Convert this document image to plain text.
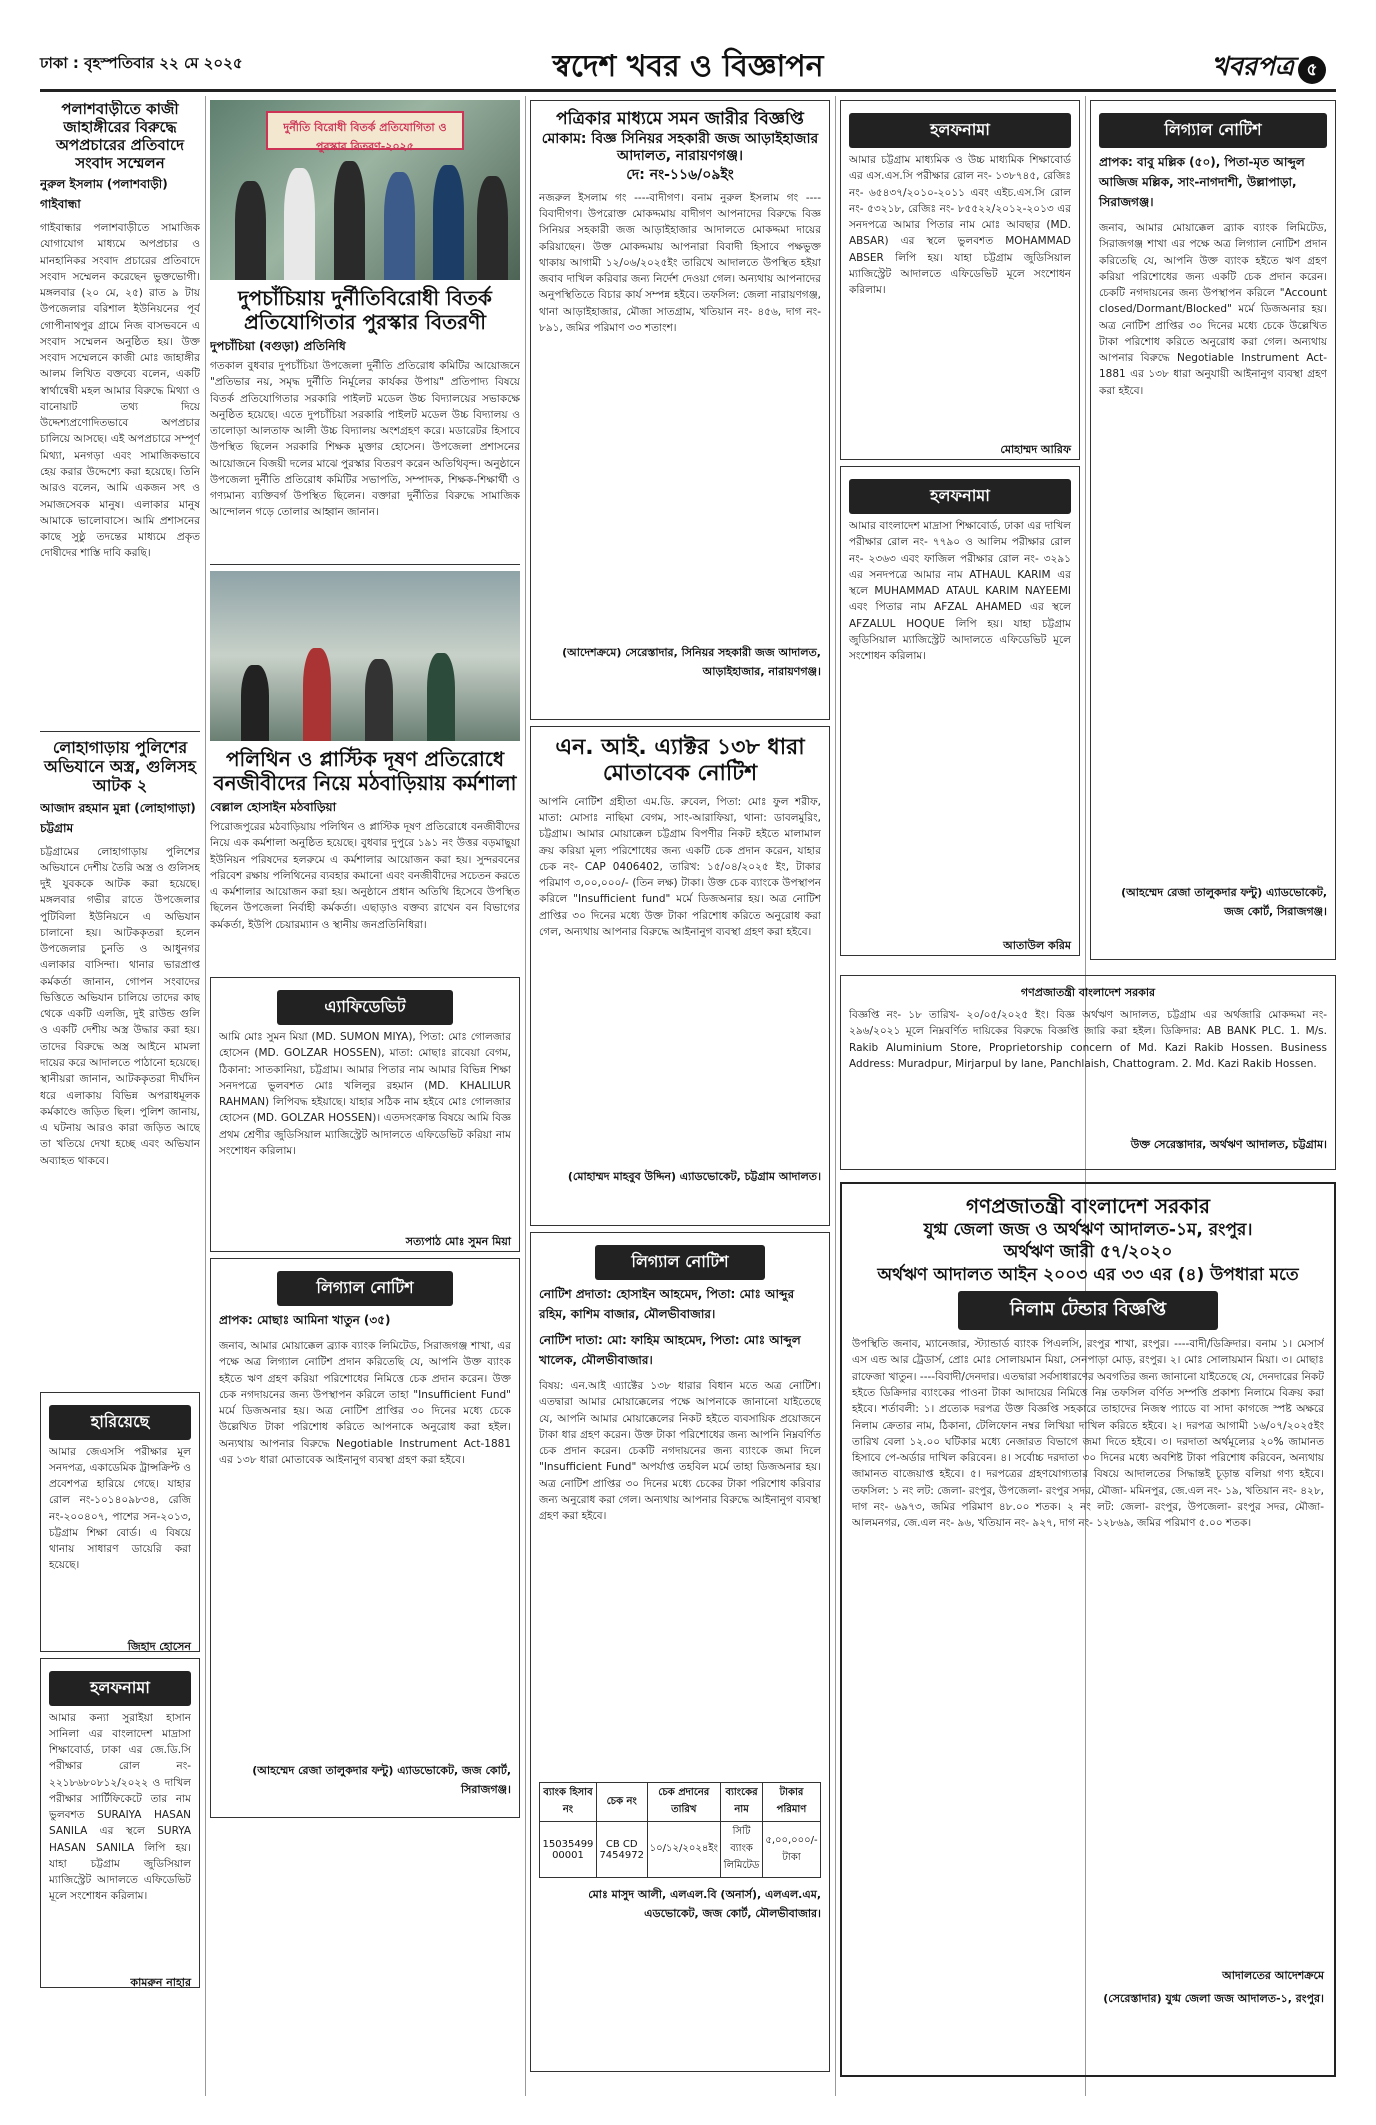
ঢাকা : বৃহস্পতিবার ২২ মে ২০২৫	স্বদেশ খবর ও বিজ্ঞাপন	খবরপত্র ৫
পলাশবাড়ীতে কাজী জাহাঙ্গীরের বিরুদ্ধে অপপ্রচারের প্রতিবাদে সংবাদ সম্মেলন
নুরুল ইসলাম (পলাশবাড়ী) গাইবান্ধা
গাইবান্ধার পলাশবাড়ীতে সামাজিক যোগাযোগ মাধ্যমে অপপ্রচার ও মানহানিকর সংবাদ প্রচারের প্রতিবাদে সংবাদ সম্মেলন করেছেন ভুক্তভোগী। মঙ্গলবার (২০ মে, ২৫) রাত ৯ টায় উপজেলার বরিশাল ইউনিয়নের পূর্ব গোপীনাথপুর গ্রামে নিজ বাসভবনে এ সংবাদ সম্মেলন অনুষ্ঠিত হয়। উক্ত সংবাদ সম্মেলনে কাজী মোঃ জাহাঙ্গীর আলম লিখিত বক্তব্যে বলেন, একটি স্বার্থান্বেষী মহল আমার বিরুদ্ধে মিথ্যা ও বানোয়াট তথ্য দিয়ে উদ্দেশ্যপ্রণোদিতভাবে অপপ্রচার চালিয়ে আসছে। এই অপপ্রচারে সম্পূর্ণ মিথ্যা, মনগড়া এবং সামাজিকভাবে হেয় করার উদ্দেশ্যে করা হয়েছে। তিনি আরও বলেন, আমি একজন সৎ ও সমাজসেবক মানুষ। এলাকার মানুষ আমাকে ভালোবাসে। আমি প্রশাসনের কাছে সুষ্ঠু তদন্তের মাধ্যমে প্রকৃত দোষীদের শাস্তি দাবি করছি।
লোহাগাড়ায় পুলিশের অভিযানে অস্ত্র, গুলিসহ আটক ২
আজাদ রহমান মুন্না (লোহাগাড়া) চট্টগ্রাম
চট্টগ্রামের লোহাগাড়ায় পুলিশের অভিযানে দেশীয় তৈরি অস্ত্র ও গুলিসহ দুই যুবককে আটক করা হয়েছে। মঙ্গলবার গভীর রাতে উপজেলার পুটিবিলা ইউনিয়নে এ অভিযান চালানো হয়। আটককৃতরা হলেন উপজেলার চুনতি ও আধুনগর এলাকার বাসিন্দা। থানার ভারপ্রাপ্ত কর্মকর্তা জানান, গোপন সংবাদের ভিত্তিতে অভিযান চালিয়ে তাদের কাছ থেকে একটি এলজি, দুই রাউন্ড গুলি ও একটি দেশীয় অস্ত্র উদ্ধার করা হয়। তাদের বিরুদ্ধে অস্ত্র আইনে মামলা দায়ের করে আদালতে পাঠানো হয়েছে। স্থানীয়রা জানান, আটককৃতরা দীর্ঘদিন ধরে এলাকায় বিভিন্ন অপরাধমূলক কর্মকাণ্ডে জড়িত ছিল। পুলিশ জানায়, এ ঘটনায় আরও কারা জড়িত আছে তা খতিয়ে দেখা হচ্ছে এবং অভিযান অব্যাহত থাকবে।
হারিয়েছে
আমার জেএসসি পরীক্ষার মূল সনদপত্র, একাডেমিক ট্রান্সক্রিপ্ট ও প্রবেশপত্র হারিয়ে গেছে। যাহার রোল নং-১০১৪০৯৮৩৪, রেজি নং-২০০৪০৭, পাশের সন-২০১৩, চট্টগ্রাম শিক্ষা বোর্ড। এ বিষয়ে থানায় সাধারণ ডায়েরি করা হয়েছে।
জিহাদ হোসেন
হলফনামা
আমার কন্যা সুরাইয়া হাসান সানিলা এর বাংলাদেশ মাদ্রাসা শিক্ষাবোর্ড, ঢাকা এর জে.ডি.সি পরীক্ষার রোল নং- ২২১৮৬৮০৮১২/২০২২ ও দাখিল পরীক্ষার সার্টিফিকেটে তার নাম ভুলবশত SURAIYA HASAN SANILA এর স্থলে SURYA HASAN SANILA লিপি হয়। যাহা চট্টগ্রাম জুডিসিয়াল ম্যাজিস্ট্রেট আদালতে এফিডেভিট মূলে সংশোধন করিলাম।
কামরুন নাহার
দুর্নীতি বিরোধী বিতর্ক প্রতিযোগিতা ও পুরস্কার বিতরণ-২০২৫
দুপচাঁচিয়ায় দুর্নীতিবিরোধী বিতর্ক প্রতিযোগিতার পুরস্কার বিতরণী
দুপচাঁচিয়া (বগুড়া) প্রতিনিধি
গতকাল বুধবার দুপচাঁচিয়া উপজেলা দুর্নীতি প্রতিরোধ কমিটির আয়োজনে "প্রতিভার নয়, সমৃদ্ধ দুর্নীতি নির্মূলের কার্যকর উপায়" প্রতিপাদ্য বিষয়ে বিতর্ক প্রতিযোগিতার সরকারি পাইলট মডেল উচ্চ বিদ্যালয়ের সভাকক্ষে অনুষ্ঠিত হয়েছে। এতে দুপচাঁচিয়া সরকারি পাইলট মডেল উচ্চ বিদ্যালয় ও তালোড়া আলতাফ আলী উচ্চ বিদ্যালয় অংশগ্রহণ করে। মডারেটর হিসাবে উপস্থিত ছিলেন সরকারি শিক্ষক মুক্তার হোসেন। উপজেলা প্রশাসনের আয়োজনে বিজয়ী দলের মাঝে পুরস্কার বিতরণ করেন অতিথিবৃন্দ। অনুষ্ঠানে উপজেলা দুর্নীতি প্রতিরোধ কমিটির সভাপতি, সম্পাদক, শিক্ষক-শিক্ষার্থী ও গণ্যমান্য ব্যক্তিবর্গ উপস্থিত ছিলেন। বক্তারা দুর্নীতির বিরুদ্ধে সামাজিক আন্দোলন গড়ে তোলার আহ্বান জানান।
পলিথিন ও প্লাস্টিক দূষণ প্রতিরোধে বনজীবীদের নিয়ে মঠবাড়িয়ায় কর্মশালা
বেল্লাল হোসাইন মঠবাড়িয়া
পিরোজপুরের মঠবাড়িয়ায় পলিথিন ও প্লাস্টিক দূষণ প্রতিরোধে বনজীবীদের নিয়ে এক কর্মশালা অনুষ্ঠিত হয়েছে। বুধবার দুপুরে ১৯১ নং উত্তর বড়মাছুয়া ইউনিয়ন পরিষদের হলরুমে এ কর্মশালার আয়োজন করা হয়। সুন্দরবনের পরিবেশ রক্ষায় পলিথিনের ব্যবহার কমানো এবং বনজীবীদের সচেতন করতে এ কর্মশালার আয়োজন করা হয়। অনুষ্ঠানে প্রধান অতিথি হিসেবে উপস্থিত ছিলেন উপজেলা নির্বাহী কর্মকর্তা। এছাড়াও বক্তব্য রাখেন বন বিভাগের কর্মকর্তা, ইউপি চেয়ারম্যান ও স্থানীয় জনপ্রতিনিধিরা।
এ্যাফিডেভিট
আমি মোঃ সুমন মিয়া (MD. SUMON MIYA), পিতা: মোঃ গোলজার হোসেন (MD. GOLZAR HOSSEN), মাতা: মোছাঃ রাবেয়া বেগম, ঠিকানা: সাতকানিয়া, চট্টগ্রাম। আমার পিতার নাম আমার বিভিন্ন শিক্ষা সনদপত্রে ভুলবশত মোঃ খলিলুর রহমান (MD. KHALILUR RAHMAN) লিপিবদ্ধ হইয়াছে। যাহার সঠিক নাম হইবে মোঃ গোলজার হোসেন (MD. GOLZAR HOSSEN)। এতদসংক্রান্ত বিষয়ে আমি বিজ্ঞ প্রথম শ্রেণীর জুডিসিয়াল ম্যাজিস্ট্রেট আদালতে এফিডেভিট করিয়া নাম সংশোধন করিলাম।
সত্যপাঠ মোঃ সুমন মিয়া
লিগ্যাল নোটিশ
প্রাপক: মোছাঃ আমিনা খাতুন (৩৫)
জনাব, আমার মোয়াক্কেল ব্র্যাক ব্যাংক লিমিটেড, সিরাজগঞ্জ শাখা, এর পক্ষে অত্র লিগ্যাল নোটিশ প্রদান করিতেছি যে, আপনি উক্ত ব্যাংক হইতে ঋণ গ্রহণ করিয়া পরিশোধের নিমিত্তে চেক প্রদান করেন। উক্ত চেক নগদায়নের জন্য উপস্থাপন করিলে তাহা "Insufficient Fund" মর্মে ডিজঅনার হয়। অত্র নোটিশ প্রাপ্তির ৩০ দিনের মধ্যে চেকে উল্লেখিত টাকা পরিশোধ করিতে আপনাকে অনুরোধ করা হইল। অন্যথায় আপনার বিরুদ্ধে Negotiable Instrument Act-1881 এর ১৩৮ ধারা মোতাবেক আইনানুগ ব্যবস্থা গ্রহণ করা হইবে।
(আহম্মেদ রেজা তালুকদার ফন্টু) এ্যাডভোকেট, জজ কোর্ট, সিরাজগঞ্জ।
পত্রিকার মাধ্যমে সমন জারীর বিজ্ঞপ্তি
মোকাম: বিজ্ঞ সিনিয়র সহকারী জজ আড়াইহাজার আদালত, নারায়ণগঞ্জ।
দে: নং-১১৬/০৯ইং
নজরুল ইসলাম গং ----বাদীগণ। বনাম নুরুল ইসলাম গং ----বিবাদীগণ। উপরোক্ত মোকদ্দমায় বাদীগণ আপনাদের বিরুদ্ধে বিজ্ঞ সিনিয়র সহকারী জজ আড়াইহাজার আদালতে মোকদ্দমা দায়ের করিয়াছেন। উক্ত মোকদ্দমায় আপনারা বিবাদী হিসাবে পক্ষভুক্ত থাকায় আগামী ১২/০৬/২০২৫ইং তারিখে আদালতে উপস্থিত হইয়া জবাব দাখিল করিবার জন্য নির্দেশ দেওয়া গেল। অন্যথায় আপনাদের অনুপস্থিতিতে বিচার কার্য সম্পন্ন হইবে। তফসিল: জেলা নারায়ণগঞ্জ, থানা আড়াইহাজার, মৌজা সাতগ্রাম, খতিয়ান নং- ৪৫৬, দাগ নং- ৮৯১, জমির পরিমাণ ৩৩ শতাংশ।
(আদেশক্রমে) সেরেস্তাদার, সিনিয়র সহকারী জজ আদালত, আড়াইহাজার, নারায়ণগঞ্জ।
এন. আই. এ্যাক্টর ১৩৮ ধারা মোতাবেক নোটিশ
আপনি নোটিশ গ্রহীতা এম.ডি. রুবেল, পিতা: মোঃ ফুল শরীফ, মাতা: মোসাঃ নাছিমা বেগম, সাং-আরাফিয়া, থানা: ডাবলমুরিং, চট্টগ্রাম। আমার মোয়াক্কেল চট্টগ্রাম বিপণীর নিকট হইতে মালামাল ক্রয় করিয়া মূল্য পরিশোধের জন্য একটি চেক প্রদান করেন, যাহার চেক নং- CAP 0406402, তারিখ: ১৫/০৪/২০২৫ ইং, টাকার পরিমাণ ৩,০০,০০০/- (তিন লক্ষ) টাকা। উক্ত চেক ব্যাংকে উপস্থাপন করিলে "Insufficient fund" মর্মে ডিজঅনার হয়। অত্র নোটিশ প্রাপ্তির ৩০ দিনের মধ্যে উক্ত টাকা পরিশোধ করিতে অনুরোধ করা গেল, অন্যথায় আপনার বিরুদ্ধে আইনানুগ ব্যবস্থা গ্রহণ করা হইবে।
(মোহাম্মদ মাহবুব উদ্দিন) এ্যাডভোকেট, চট্টগ্রাম আদালত।
লিগ্যাল নোটিশ
নোটিশ প্রদাতা: হোসাইন আহমেদ, পিতা: মোঃ আব্দুর রহিম, কাশিম বাজার, মৌলভীবাজার।
নোটিশ দাতা: মো: ফাহিম আহমেদ, পিতা: মোঃ আব্দুল খালেক, মৌলভীবাজার।
বিষয়: এন.আই এ্যাক্টের ১৩৮ ধারার বিধান মতে অত্র নোটিশ। এতদ্বারা আমার মোয়াক্কেলের পক্ষে আপনাকে জানানো যাইতেছে যে, আপনি আমার মোয়াক্কেলের নিকট হইতে ব্যবসায়িক প্রয়োজনে টাকা ধার গ্রহণ করেন। উক্ত টাকা পরিশোধের জন্য আপনি নিম্নবর্ণিত চেক প্রদান করেন। চেকটি নগদায়নের জন্য ব্যাংকে জমা দিলে "Insufficient Fund" অপর্যাপ্ত তহবিল মর্মে তাহা ডিজঅনার হয়। অত্র নোটিশ প্রাপ্তির ৩০ দিনের মধ্যে চেকের টাকা পরিশোধ করিবার জন্য অনুরোধ করা গেল। অন্যথায় আপনার বিরুদ্ধে আইনানুগ ব্যবস্থা গ্রহণ করা হইবে।
ব্যাংক হিসাব নং	চেক নং	চেক প্রদানের তারিখ	ব্যাংকের নাম	টাকার পরিমাণ
15035499 00001	CB CD 7454972	১০/১২/২০২৪ইং	সিটি ব্যাংক লিমিটেড	৫,০০,০০০/- টাকা
মোঃ মাসুদ আলী, এলএল.বি (অনার্স), এলএল.এম, এডভোকেট, জজ কোর্ট, মৌলভীবাজার।
হলফনামা
আমার চট্টগ্রাম মাধ্যমিক ও উচ্চ মাধ্যমিক শিক্ষাবোর্ড এর এস.এস.সি পরীক্ষার রোল নং- ১৩৮৭৪৫, রেজিঃ নং- ৬৫৪৩৭/২০১০-২০১১ এবং এইচ.এস.সি রোল নং- ৫৩২১৮, রেজিঃ নং- ৮৫৫২২/২০১২-২০১৩ এর সনদপত্রে আমার পিতার নাম মোঃ আবছার (MD. ABSAR) এর স্থলে ভুলবশত MOHAMMAD ABSER লিপি হয়। যাহা চট্টগ্রাম জুডিসিয়াল ম্যাজিস্ট্রেট আদালতে এফিডেভিট মূলে সংশোধন করিলাম।
মোহাম্মদ আরিফ
হলফনামা
আমার বাংলাদেশ মাদ্রাসা শিক্ষাবোর্ড, ঢাকা এর দাখিল পরীক্ষার রোল নং- ৭৭৯০ ও আলিম পরীক্ষার রোল নং- ২৩৬৩ এবং ফাজিল পরীক্ষার রোল নং- ৩২৯১ এর সনদপত্রে আমার নাম ATHAUL KARIM এর স্থলে MUHAMMAD ATAUL KARIM NAYEEMI এবং পিতার নাম AFZAL AHAMED এর স্থলে AFZALUL HOQUE লিপি হয়। যাহা চট্টগ্রাম জুডিসিয়াল ম্যাজিস্ট্রেট আদালতে এফিডেভিট মূলে সংশোধন করিলাম।
আতাউল করিম
লিগ্যাল নোটিশ
প্রাপক: বাবু মল্লিক (৫০), পিতা-মৃত আব্দুল আজিজ মল্লিক, সাং-নাগদাশী, উল্লাপাড়া, সিরাজগঞ্জ।
জনাব, আমার মোয়াক্কেল ব্র্যাক ব্যাংক লিমিটেড, সিরাজগঞ্জ শাখা এর পক্ষে অত্র লিগ্যাল নোটিশ প্রদান করিতেছি যে, আপনি উক্ত ব্যাংক হইতে ঋণ গ্রহণ করিয়া পরিশোধের জন্য একটি চেক প্রদান করেন। চেকটি নগদায়নের জন্য উপস্থাপন করিলে "Account closed/Dormant/Blocked" মর্মে ডিজঅনার হয়। অত্র নোটিশ প্রাপ্তির ৩০ দিনের মধ্যে চেকে উল্লেখিত টাকা পরিশোধ করিতে অনুরোধ করা গেল। অন্যথায় আপনার বিরুদ্ধে Negotiable Instrument Act-1881 এর ১৩৮ ধারা অনুযায়ী আইনানুগ ব্যবস্থা গ্রহণ করা হইবে।
(আহম্মেদ রেজা তালুকদার ফন্টু) এ্যাডভোকেট, জজ কোর্ট, সিরাজগঞ্জ।
গণপ্রজাতন্ত্রী বাংলাদেশ সরকার
বিজ্ঞপ্তি নং- ১৮ তারিখ- ২০/০৫/২০২৫ ইং। বিজ্ঞ অর্থঋণ আদালত, চট্টগ্রাম এর অর্থজারি মোকদ্দমা নং- ২৯৬/২০২১ মূলে নিম্নবর্ণিত দায়িকের বিরুদ্ধে বিজ্ঞপ্তি জারি করা হইল। ডিক্রিদার: AB BANK PLC. 1. M/s. Rakib Aluminium Store, Proprietorship concern of Md. Kazi Rakib Hossen. Business Address: Muradpur, Mirjarpul by lane, Panchlaish, Chattogram. 2. Md. Kazi Rakib Hossen.
উক্ত সেরেস্তাদার, অর্থঋণ আদালত, চট্টগ্রাম।
গণপ্রজাতন্ত্রী বাংলাদেশ সরকার
যুগ্ম জেলা জজ ও অর্থঋণ আদালত-১ম, রংপুর।
অর্থঋণ জারী ৫৭/২০২০
অর্থঋণ আদালত আইন ২০০৩ এর ৩৩ এর (৪) উপধারা মতে
নিলাম টেন্ডার বিজ্ঞপ্তি
উপস্থিতি জনাব, ম্যানেজার, স্ট্যান্ডার্ড ব্যাংক পিএলসি, রংপুর শাখা, রংপুর। ----বাদী/ডিক্রিদার। বনাম ১। মেসার্স এস এন্ড আর ট্রেডার্স, প্রোঃ মোঃ সোলায়মান মিয়া, সেনপাড়া মোড়, রংপুর। ২। মোঃ সোলায়মান মিয়া। ৩। মোছাঃ রাফেজা খাতুন। ----বিবাদী/দেনদার। এতদ্বারা সর্বসাধারণের অবগতির জন্য জানানো যাইতেছে যে, দেনদারের নিকট হইতে ডিক্রিদার ব্যাংকের পাওনা টাকা আদায়ের নিমিত্তে নিম্ন তফসিল বর্ণিত সম্পত্তি প্রকাশ্য নিলামে বিক্রয় করা হইবে। শর্তাবলী: ১। প্রত্যেক দরপত্র উক্ত বিজ্ঞপ্তি সহকারে তাহাদের নিজস্ব প্যাডে বা সাদা কাগজে স্পষ্ট অক্ষরে নিলাম ক্রেতার নাম, ঠিকানা, টেলিফোন নম্বর লিখিয়া দাখিল করিতে হইবে। ২। দরপত্র আগামী ১৬/০৭/২০২৫ইং তারিখ বেলা ১২.০০ ঘটিকার মধ্যে নেজারত বিভাগে জমা দিতে হইবে। ৩। দরদাতা অর্থমূল্যের ২০% জামানত হিসাবে পে-অর্ডার দাখিল করিবেন। ৪। সর্বোচ্চ দরদাতা ৩০ দিনের মধ্যে অবশিষ্ট টাকা পরিশোধ করিবেন, অন্যথায় জামানত বাজেয়াপ্ত হইবে। ৫। দরপত্রের গ্রহণযোগ্যতার বিষয়ে আদালতের সিদ্ধান্তই চূড়ান্ত বলিয়া গণ্য হইবে। তফসিল: ১ নং লট: জেলা- রংপুর, উপজেলা- রংপুর সদর, মৌজা- মমিনপুর, জে.এল নং- ১৯, খতিয়ান নং- ৪২৮, দাগ নং- ৬৯৭৩, জমির পরিমাণ ৪৮.০০ শতক। ২ নং লট: জেলা- রংপুর, উপজেলা- রংপুর সদর, মৌজা- আলমনগর, জে.এল নং- ৯৬, খতিয়ান নং- ৯২৭, দাগ নং- ১২৮৬৯, জমির পরিমাণ ৫.০০ শতক।
আদালতের আদেশক্রমে
(সেরেস্তাদার) যুগ্ম জেলা জজ আদালত-১, রংপুর।
